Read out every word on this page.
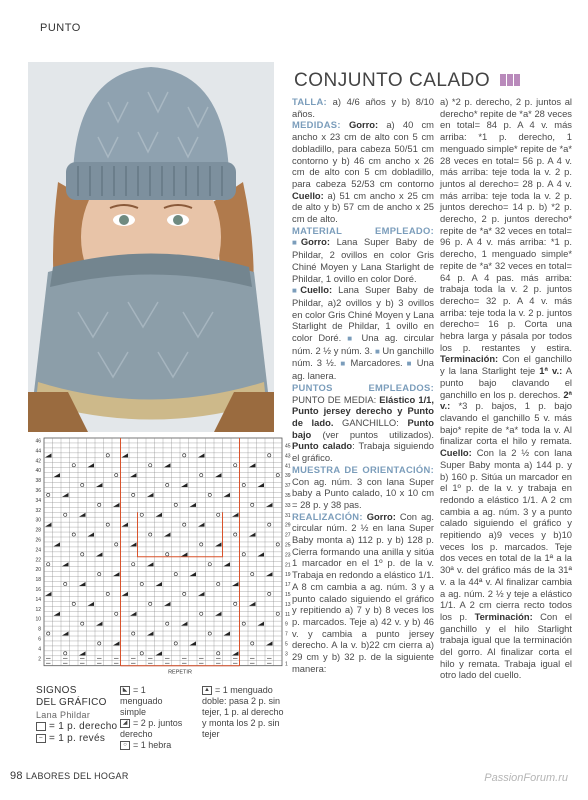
PUNTO
46
44
42
40
38
36
34
32
30
28
26
24
22
20
18
16
14
12
10
8
6
4
2
45
43
41
39
37
35
33
31
29
27
25
23
21
19
17
15
13
11
9
7
5
3
1
REPETIR
CONJUNTO CALADO
TALLA: a) 4/6 años y b) 8/10 años.
MEDIDAS: Gorro: a) 40 cm ancho x 23 cm de alto con 5 cm dobladillo, para cabeza 50/51 cm contorno y b) 46 cm ancho x 26 cm de alto con 5 cm dobladillo, para cabeza 52/53 cm contorno Cuello: a) 51 cm ancho x 25 cm de alto y b) 57 cm de ancho x 25 cm de alto.
MATERIAL EMPLEADO: ■Gorro: Lana Super Baby de Phildar, 2 ovillos en color Gris Chiné Moyen y Lana Starlight de Phildar, 1 ovillo en color Doré.
■Cuello: Lana Super Baby de Phildar, a)2 ovillos y b) 3 ovillos en color Gris Chiné Moyen y Lana Starlight de Phildar, 1 ovillo en color Doré. ■ Una ag. circular núm. 2 ½ y núm. 3. ■ Un ganchillo núm. 3 ½. ■ Marcadores. ■ Una ag. lanera.
PUNTOS EMPLEADOS: PUNTO DE MEDIA: Elástico 1/1, Punto jersey derecho y Punto de lado. GANCHILLO: Punto bajo (ver puntos utilizados). Punto calado: Trabaja siguiendo el gráfico.
MUESTRA DE ORIENTACIÓN: Con ag. núm. 3 con lana Super baby a Punto calado, 10 x 10 cm = 28 p. y 38 pas.
REALIZACIÓN: Gorro: Con ag. circular núm. 2 ½ en lana Super Baby monta a) 112 p. y b) 128 p. Cierra formando una anilla y sitúa 1 marcador en el 1º p. de la v. Trabaja en redondo a elástico 1/1. A 8 cm cambia a ag. núm. 3 y a punto calado siguiendo el gráfico y repitiendo a) 7 y b) 8 veces los p. marcados. Teje a) 42 v. y b) 46 v. y cambia a punto jersey derecho. A la v. b)22 cm cierra a) 29 cm y b) 32 p. de la siguiente manera:
a) *2 p. derecho, 2 p. juntos al derecho* repite de *a* 28 veces en total= 84 p. A 4 v. más arriba: *1 p. derecho, 1 menguado simple* repite de *a* 28 veces en total= 56 p. A 4 v. más arriba: teje toda la v. 2 p. juntos al derecho= 28 p. A 4 v. más arriba: teje toda la v. 2 p. juntos derecho= 14 p. b) *2 p. derecho, 2 p. juntos derecho* repite de *a* 32 veces en total= 96 p. A 4 v. más arriba: *1 p. derecho, 1 menguado simple* repite de *a* 32 veces en total= 64 p. A 4 pas. más arriba: trabaja toda la v. 2 p. juntos derecho= 32 p. A 4 v. más arriba: teje toda la v. 2 p. juntos derecho= 16 p. Corta una hebra larga y pásala por todos los p. restantes y estira. Terminación: Con el ganchillo y la lana Starlight teje 1ª v.: A punto bajo clavando el ganchillo en los p. derechos. 2ª v.: *3 p. bajos, 1 p. bajo clavando el ganchillo 5 v. más bajo* repite de *a* toda la v. Al finalizar corta el hilo y remata. Cuello: Con la 2 ½ con lana Super Baby monta a) 144 p. y b) 160 p. Sitúa un marcador en el 1º p. de la v. y trabaja en redondo a elástico 1/1. A 2 cm cambia a ag. núm. 3 y a punto calado siguiendo el gráfico y repitiendo a)9 veces y b)10 veces los p. marcados. Teje dos veces en total de la 1ª a la 30ª v. del gráfico más de la 31ª v. a la 44ª v. Al finalizar cambia a ag. núm. 2 ½ y teje a elástico 1/1. A 2 cm cierra recto todos los p. Terminación: Con el ganchillo y el hilo Starlight trabaja igual que la terminación del gorro. Al finalizar corta el hilo y remata. Trabaja igual el otro lado del cuello.
SIGNOS
DEL GRÁFICO
Lana Phildar
= 1 p. derecho
– = 1 p. revés
◣ = 1 menguado simple
◢ = 2 p. juntos derecho
○ = 1 hebra
▲ = 1 menguado doble: pasa 2 p. sin tejer, 1 p. al derecho y monta los 2 p. sin tejer
98 LABORES DEL HOGAR	PassionForum.ru
